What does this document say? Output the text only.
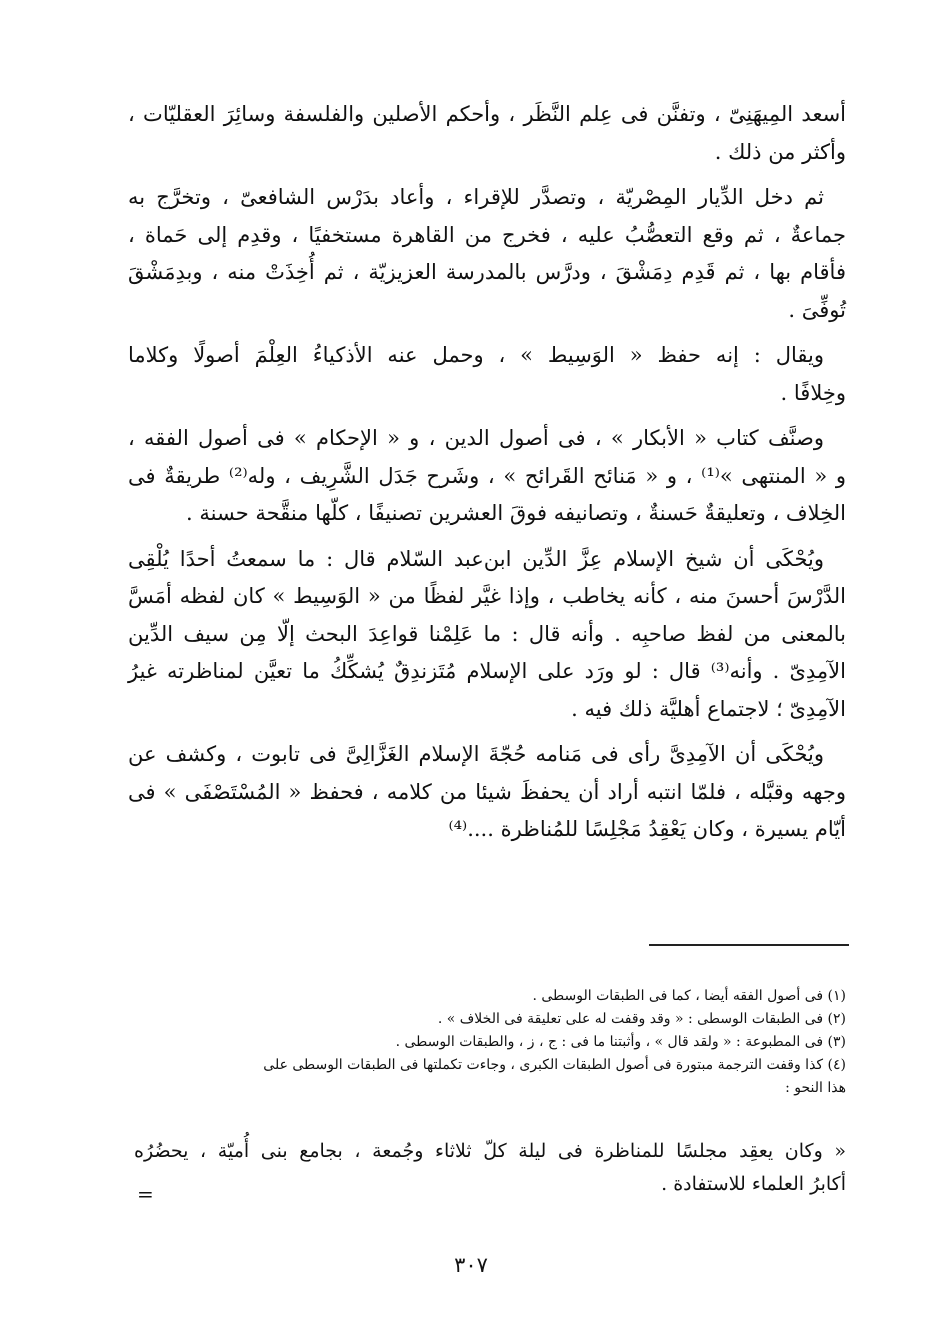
أسعد المِيهَنِىّ ، وتفنَّن فى عِلم النَّظَر ، وأحكم الأصلين والفلسفة وسائِرَ العقليّات ،
وأكثر من ذلك .

ثم دخل الدِّيار المِصْريّة ، وتصدَّر للإقراء ، وأعاد بدَرْس الشافعىّ ، وتخرَّج به
جماعةٌ ، ثم وقع التعصُّبُ عليه ، فخرج من القاهرة مستخفيًا ، وقدِم إلى حَماة ،
فأقام بها ، ثم قَدِم دِمَشْقَ ، ودرَّس بالمدرسة العزيزيّة ، ثم أُخِذَتْ منه ، وبدِمَشْقَ
تُوفِّىَ .

ويقال : إنه حفظ « الوَسِيط » ، وحمل عنه الأذكياءُ العِلْمَ أصولًا وكلاما
وخِلافًا .

وصنَّف كتاب « الأبكار » ، فى أصول الدين ، و « الإحكام » فى أصول الفقه ،
و « المنتهى »⁽¹⁾ ، و « مَنائح القَرائح » ، وشَرح جَدَل الشَّرِيف ، وله⁽²⁾ طريقةٌ فى
الخِلاف ، وتعليقةٌ حَسنةٌ ، وتصانيفه فوقَ العشرين تصنيفًا ، كلّها منقَّحة حسنة .

ويُحْكَى أن شيخ الإسلام عِزَّ الدِّين ابن‌عبد السّلام قال : ما سمعتُ أحدًا يُلْقِى
الدَّرْسَ أحسنَ منه ، كأنه يخاطب ، وإذا غيَّر لفظًا من « الوَسِيط » كان لفظه أمَسَّ
بالمعنى من لفظ صاحبِه . وأنه قال : ما عَلِمْنا قواعِدَ البحث إلّا مِن سيف الدِّين
الآمِدِىّ . وأنه⁽³⁾ قال : لو ورَد على الإسلام مُتَزندِقٌ يُشكِّكُ ما تعيَّن لمناظرته غيرُ
الآمِدِىّ ؛ لاجتماع أهليَّة ذلك فيه .

ويُحْكَى أن الآمِدِىَّ رأى فى مَنامه حُجّةَ الإسلام الغَزَّالِىَّ فى تابوت ، وكشف عن
وجهه وقبَّله ، فلمّا انتبه أراد أن يحفظَ شيئا من كلامه ، فحفظ « المُسْتَصْفَى » فى
أيّام يسيرة ، وكان يَعْقِدُ مَجْلِسًا للمُناظرة ....⁽⁴⁾

(١) فى أصول الفقه أيضا ، كما فى الطبقات الوسطى .
(٢) فى الطبقات الوسطى : « وقد وقفت له على تعليقة فى الخلاف » .
(٣) فى المطبوعة : « ولقد قال » ، وأثبتنا ما فى : ج ، ز ، والطبقات الوسطى .
(٤) كذا وقفت الترجمة مبتورة فى أصول الطبقات الكبرى ، وجاءت تكملتها فى الطبقات الوسطى على
هذا النحو :
« وكان يعقِد مجلسًا للمناظرة فى ليلة كلّ ثلاثاء وجُمعة ، بجامع بنى أُميّة ، يحضُرُه
أكابرُ العلماء للاستفادة .
=
٣٠٧
